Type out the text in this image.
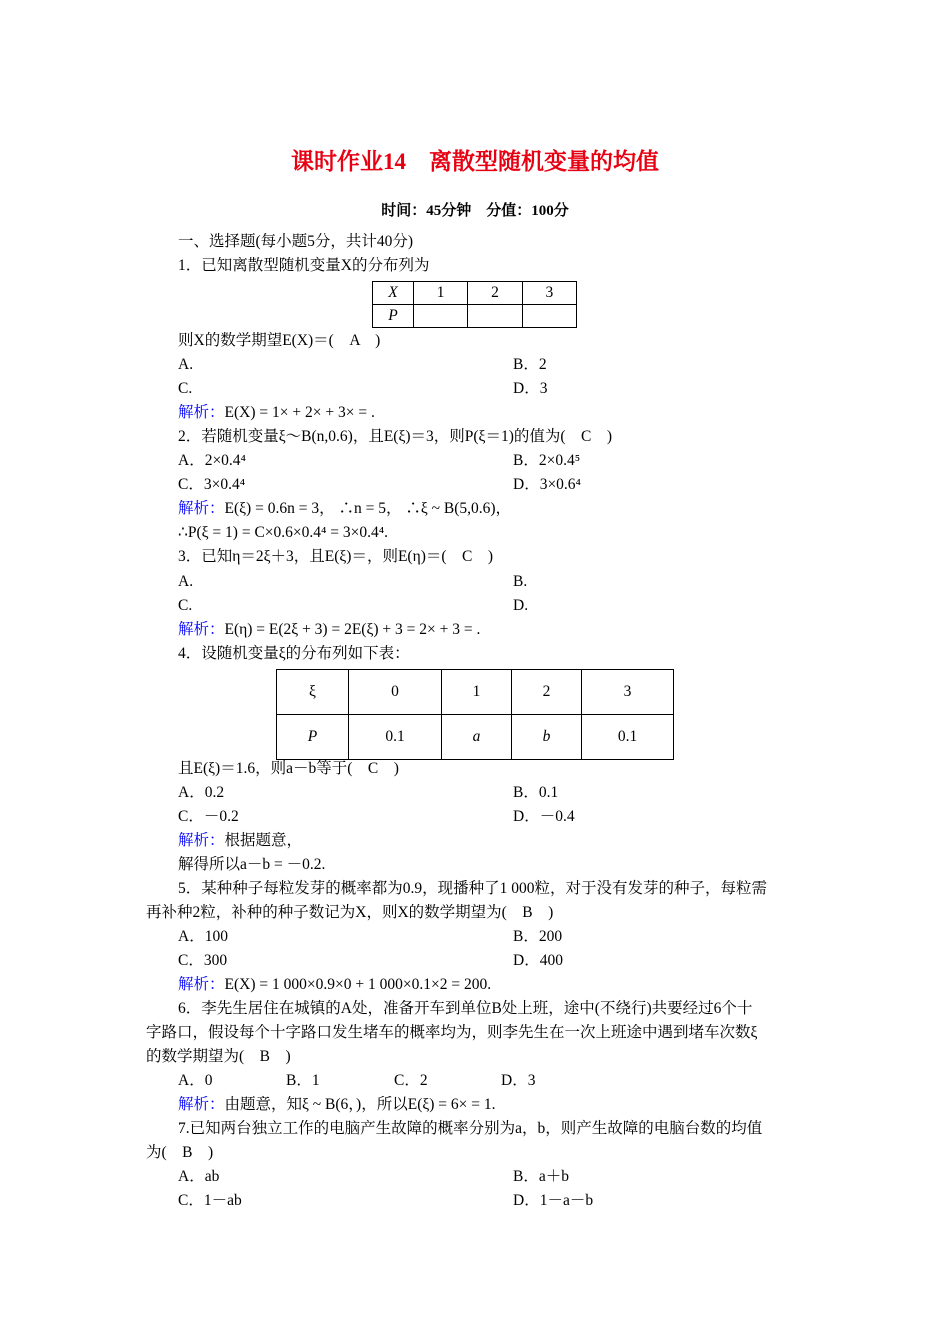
课时作业14　离散型随机变量的均值
时间：45分钟　分值：100分
一、选择题(每小题5分，共计40分)
1．已知离散型随机变量X的分布列为
X	1	2	3
P			
则X的数学期望E(X)＝(　A　)
A.	B．2
C.	D．3
解析：E(X) = 1× + 2× + 3× = .
2．若随机变量ξ～B(n,0.6)，且E(ξ)＝3，则P(ξ＝1)的值为(　C　)
A．2×0.4⁴	B．2×0.4⁵
C．3×0.4⁴	D．3×0.6⁴
解析：E(ξ) = 0.6n = 3， ∴n = 5， ∴ξ ~ B(5,0.6)，
∴P(ξ = 1) = C×0.6×0.4⁴ = 3×0.4⁴.
3．已知η＝2ξ＋3，且E(ξ)＝，则E(η)＝(　C　)
A.	B.
C.	D.
解析：E(η) = E(2ξ + 3) = 2E(ξ) + 3 = 2× + 3 = .
4．设随机变量ξ的分布列如下表：
ξ	0	1	2	3
P	0.1	a	b	0.1
且E(ξ)＝1.6，则a－b等于(　C　)
A．0.2	B．0.1
C．－0.2	D．－0.4
解析：根据题意，
解得所以a－b = －0.2.
5．某种种子每粒发芽的概率都为0.9，现播种了1 000粒，对于没有发芽的种子，每粒需
再补种2粒，补种的种子数记为X，则X的数学期望为(　B　)
A．100	B．200
C．300	D．400
解析：E(X) = 1 000×0.9×0 + 1 000×0.1×2 = 200.
6．李先生居住在城镇的A处，准备开车到单位B处上班，途中(不绕行)共要经过6个十
字路口，假设每个十字路口发生堵车的概率均为，则李先生在一次上班途中遇到堵车次数ξ
的数学期望为(　B　)
A．0	B．1	C．2	D．3
解析：由题意，知ξ ~ B(6，)，所以E(ξ) = 6× = 1.
7.已知两台独立工作的电脑产生故障的概率分别为a，b，则产生故障的电脑台数的均值
为(　B　)
A．ab	B．a＋b
C．1－ab	D．1－a－b
